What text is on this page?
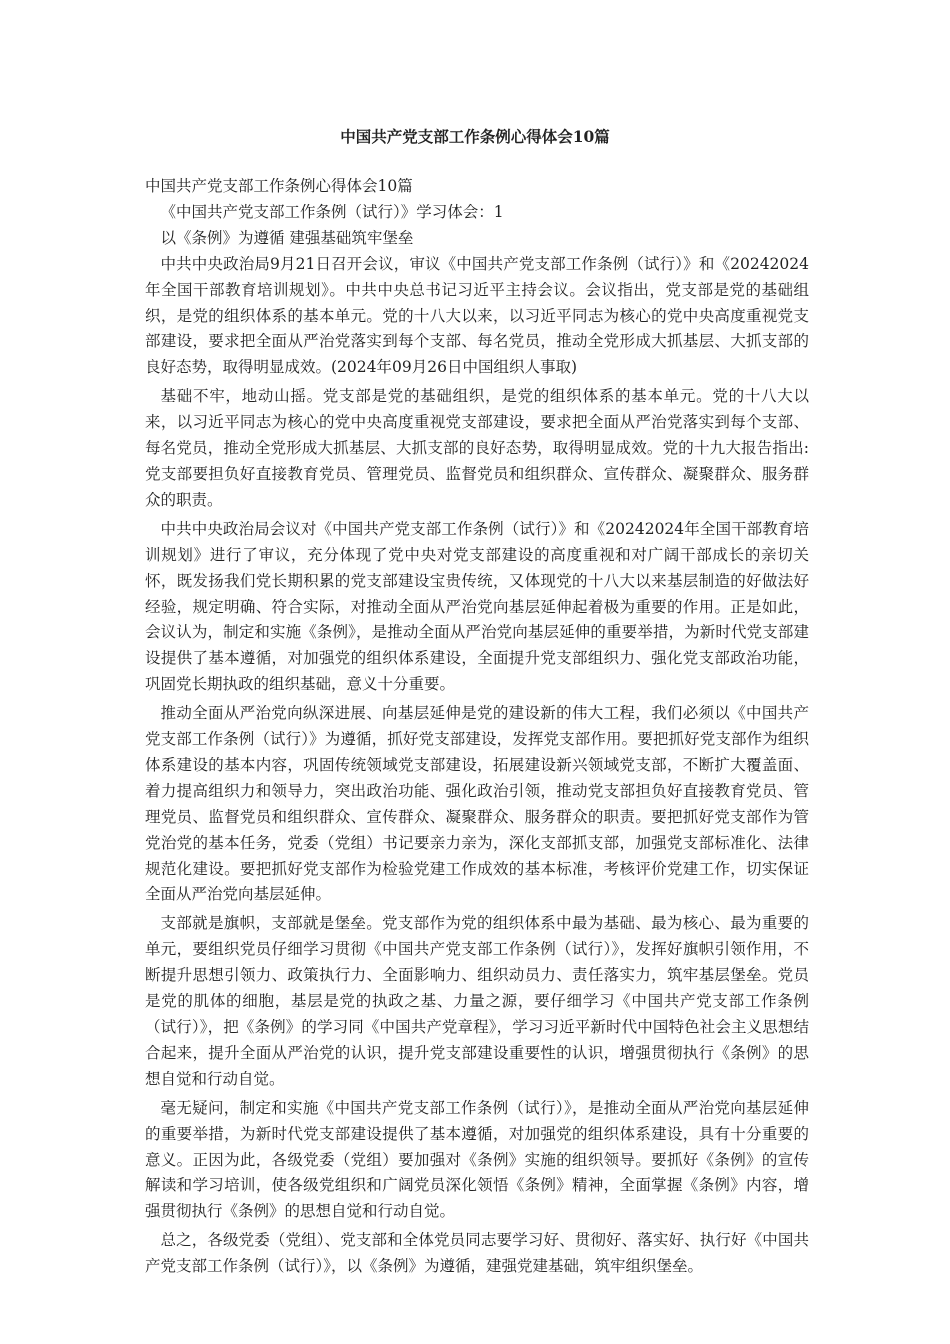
中国共产党支部工作条例心得体会10篇

中国共产党支部工作条例心得体会10篇

《中国共产党支部工作条例（试行）》学习体会：1

以《条例》为遵循 建强基础筑牢堡垒

中共中央政治局9月21日召开会议，审议《中国共产党支部工作条例（试行）》和《20242024年全国干部教育培训规划》。中共中央总书记习近平主持会议。会议指出，党支部是党的基础组织，是党的组织体系的基本单元。党的十八大以来，以习近平同志为核心的党中央高度重视党支部建设，要求把全面从严治党落实到每个支部、每名党员，推动全党形成大抓基层、大抓支部的良好态势，取得明显成效。(2024年09月26日中国组织人事取)

基础不牢，地动山摇。党支部是党的基础组织，是党的组织体系的基本单元。党的十八大以来，以习近平同志为核心的党中央高度重视党支部建设，要求把全面从严治党落实到每个支部、每名党员，推动全党形成大抓基层、大抓支部的良好态势，取得明显成效。党的十九大报告指出:党支部要担负好直接教育党员、管理党员、监督党员和组织群众、宣传群众、凝聚群众、服务群众的职责。

中共中央政治局会议对《中国共产党支部工作条例（试行）》和《20242024年全国干部教育培训规划》进行了审议，充分体现了党中央对党支部建设的高度重视和对广阔干部成长的亲切关怀，既发扬我们党长期积累的党支部建设宝贵传统，又体现党的十八大以来基层制造的好做法好经验，规定明确、符合实际，对推动全面从严治党向基层延伸起着极为重要的作用。正是如此，会议认为，制定和实施《条例》，是推动全面从严治党向基层延伸的重要举措，为新时代党支部建设提供了基本遵循，对加强党的组织体系建设，全面提升党支部组织力、强化党支部政治功能，巩固党长期执政的组织基础，意义十分重要。

推动全面从严治党向纵深进展、向基层延伸是党的建设新的伟大工程，我们必须以《中国共产党支部工作条例（试行）》为遵循，抓好党支部建设，发挥党支部作用。要把抓好党支部作为组织体系建设的基本内容，巩固传统领域党支部建设，拓展建设新兴领域党支部，不断扩大覆盖面、着力提高组织力和领导力，突出政治功能、强化政治引领，推动党支部担负好直接教育党员、管理党员、监督党员和组织群众、宣传群众、凝聚群众、服务群众的职责。要把抓好党支部作为管党治党的基本任务，党委（党组）书记要亲力亲为，深化支部抓支部，加强党支部标准化、法律规范化建设。要把抓好党支部作为检验党建工作成效的基本标准，考核评价党建工作，切实保证全面从严治党向基层延伸。

支部就是旗帜，支部就是堡垒。党支部作为党的组织体系中最为基础、最为核心、最为重要的单元，要组织党员仔细学习贯彻《中国共产党支部工作条例（试行）》，发挥好旗帜引领作用，不断提升思想引领力、政策执行力、全面影响力、组织动员力、责任落实力，筑牢基层堡垒。党员是党的肌体的细胞，基层是党的执政之基、力量之源，要仔细学习《中国共产党支部工作条例（试行）》，把《条例》的学习同《中国共产党章程》，学习习近平新时代中国特色社会主义思想结合起来，提升全面从严治党的认识，提升党支部建设重要性的认识，增强贯彻执行《条例》的思想自觉和行动自觉。

毫无疑问，制定和实施《中国共产党支部工作条例（试行）》，是推动全面从严治党向基层延伸的重要举措，为新时代党支部建设提供了基本遵循，对加强党的组织体系建设，具有十分重要的意义。正因为此，各级党委（党组）要加强对《条例》实施的组织领导。要抓好《条例》的宣传解读和学习培训，使各级党组织和广阔党员深化领悟《条例》精神，全面掌握《条例》内容，增强贯彻执行《条例》的思想自觉和行动自觉。

总之，各级党委（党组）、党支部和全体党员同志要学习好、贯彻好、落实好、执行好《中国共产党支部工作条例（试行）》，以《条例》为遵循，建强党建基础，筑牢组织堡垒。
